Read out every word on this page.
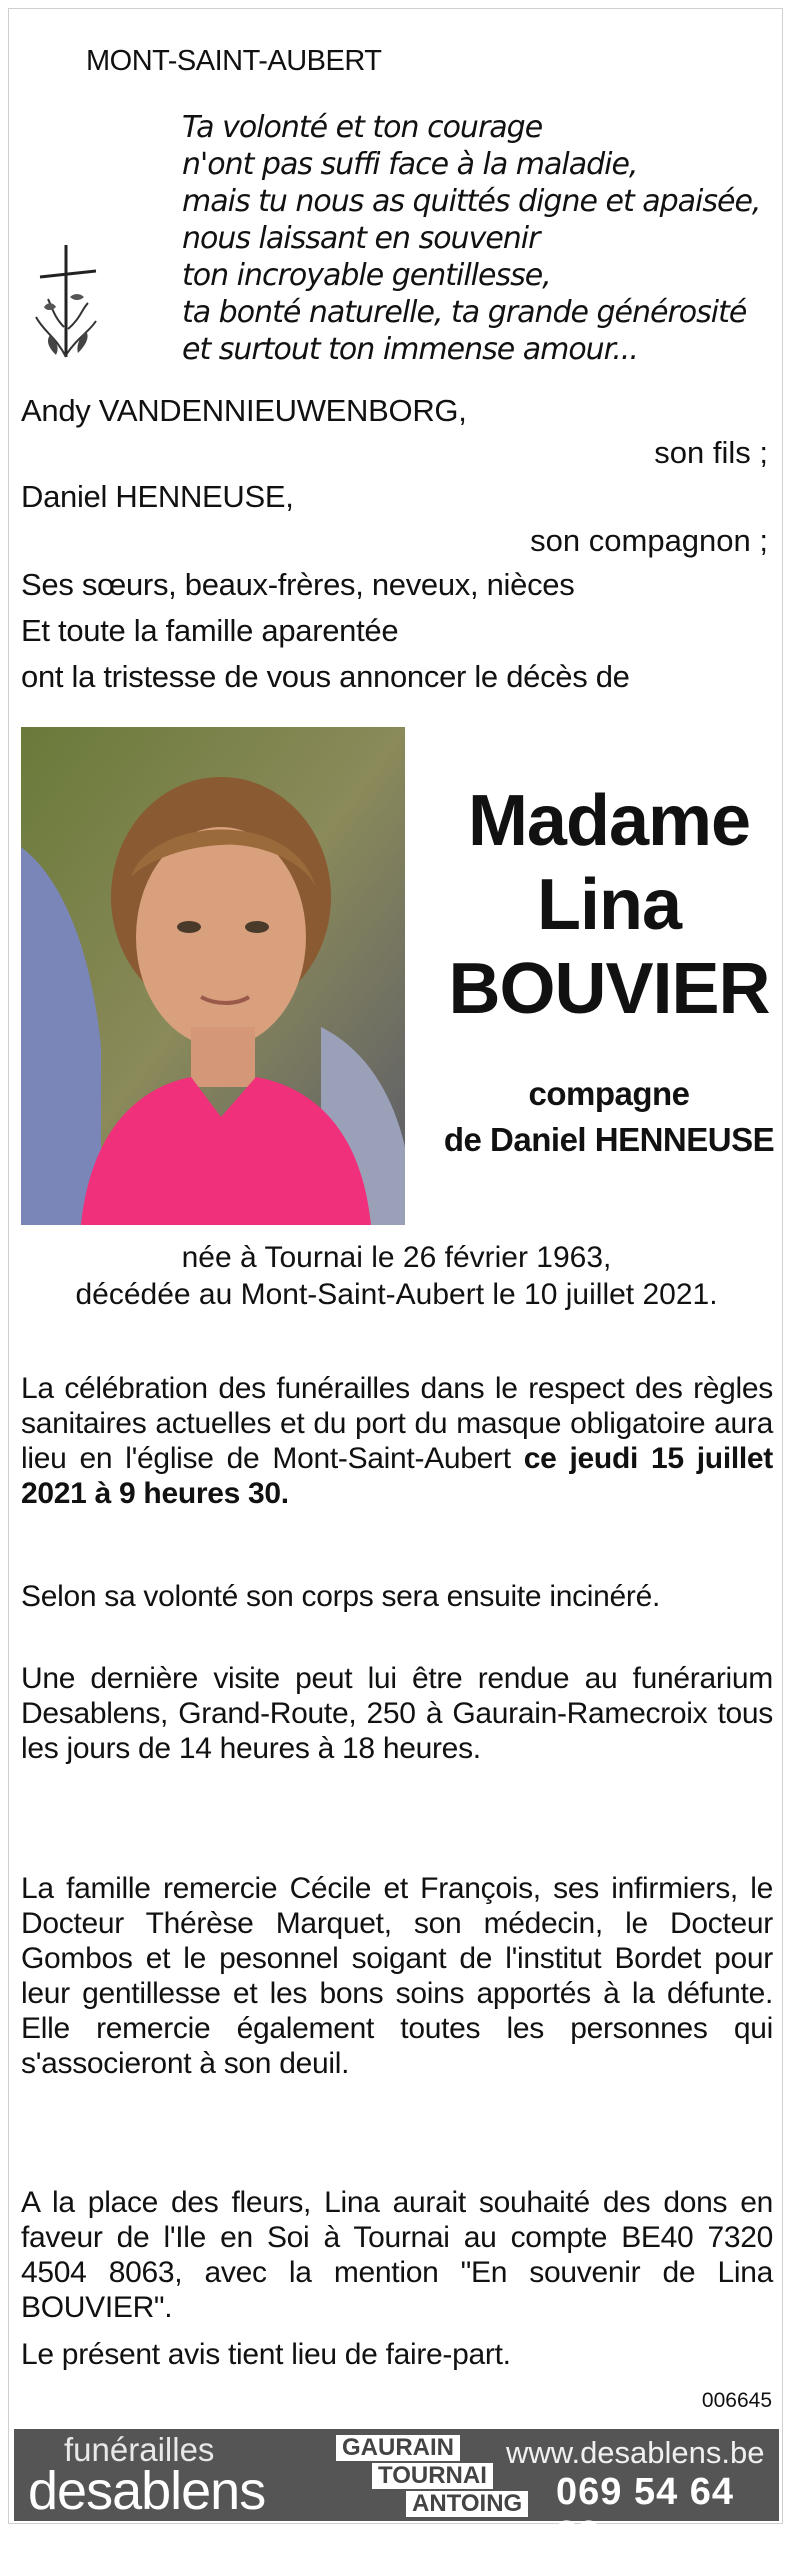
MONT-SAINT-AUBERT
Ta volonté et ton courage
n'ont pas suffi face à la maladie,
mais tu nous as quittés digne et apaisée,
nous laissant en souvenir
ton incroyable gentillesse,
ta bonté naturelle, ta grande générosité
et surtout ton immense amour...
Andy VANDENNIEUWENBORG,
son fils ;
Daniel HENNEUSE,
son compagnon ;
Ses sœurs, beaux-frères, neveux, nièces
Et toute la famille aparentée
ont la tristesse de vous annoncer le décès de
Madame
Lina
BOUVIER
compagne
de Daniel HENNEUSE
née à Tournai le 26 février 1963,
décédée au Mont-Saint-Aubert le 10 juillet 2021.
La célébration des funérailles dans le respect des règles sanitaires actuelles et du port du masque obligatoire aura lieu en l'église de Mont-Saint-Aubert ce jeudi 15 juillet 2021 à 9 heures 30.
Selon sa volonté son corps sera ensuite incinéré.
Une dernière visite peut lui être rendue au funérarium Desablens, Grand-Route, 250 à Gaurain-Ramecroix tous les jours de 14 heures à 18 heures.
La famille remercie Cécile et François, ses infirmiers, le Docteur Thérèse Marquet, son médecin, le Docteur Gombos et le pesonnel soigant de l'institut Bordet pour leur gentillesse et les bons soins apportés à la défunte. Elle remercie également toutes les personnes qui s'associeront à son deuil.
A la place des fleurs, Lina aurait souhaité des dons en faveur de l'Ile en Soi à Tournai au compte BE40 7320 4504 8063, avec la mention "En souvenir de Lina BOUVIER".
Le présent avis tient lieu de faire-part.
006645
funérailles
desablens
GAURAIN
TOURNAI
ANTOING
www.desablens.be
069 54 64 22
